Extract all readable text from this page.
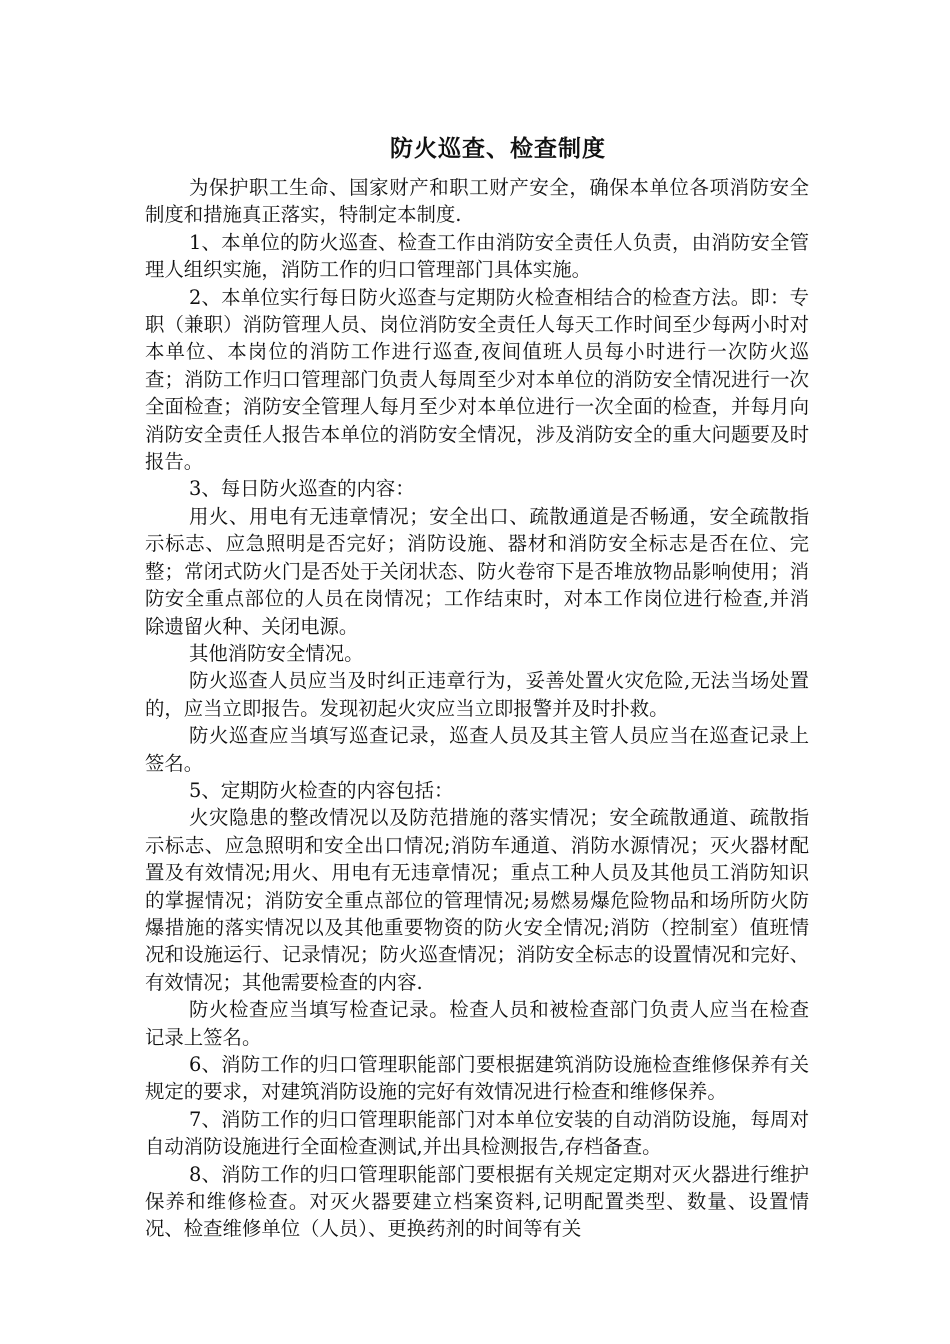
防火巡查、检查制度

为保护职工生命、国家财产和职工财产安全，确保本单位各项消防安全制度和措施真正落实，特制定本制度.

1、本单位的防火巡查、检查工作由消防安全责任人负责，由消防安全管理人组织实施，消防工作的归口管理部门具体实施。

2、本单位实行每日防火巡查与定期防火检查相结合的检查方法。即：专职（兼职）消防管理人员、岗位消防安全责任人每天工作时间至少每两小时对本单位、本岗位的消防工作进行巡查,夜间值班人员每小时进行一次防火巡查；消防工作归口管理部门负责人每周至少对本单位的消防安全情况进行一次全面检查；消防安全管理人每月至少对本单位进行一次全面的检查，并每月向消防安全责任人报告本单位的消防安全情况，涉及消防安全的重大问题要及时报告。

3、每日防火巡查的内容：

用火、用电有无违章情况；安全出口、疏散通道是否畅通，安全疏散指示标志、应急照明是否完好；消防设施、器材和消防安全标志是否在位、完整；常闭式防火门是否处于关闭状态、防火卷帘下是否堆放物品影响使用；消防安全重点部位的人员在岗情况；工作结束时，对本工作岗位进行检查,并消除遗留火种、关闭电源。

其他消防安全情况。

防火巡查人员应当及时纠正违章行为，妥善处置火灾危险,无法当场处置的，应当立即报告。发现初起火灾应当立即报警并及时扑救。

防火巡查应当填写巡查记录，巡查人员及其主管人员应当在巡查记录上签名。

5、定期防火检查的内容包括：

火灾隐患的整改情况以及防范措施的落实情况；安全疏散通道、疏散指示标志、应急照明和安全出口情况;消防车通道、消防水源情况；灭火器材配置及有效情况;用火、用电有无违章情况；重点工种人员及其他员工消防知识的掌握情况；消防安全重点部位的管理情况;易燃易爆危险物品和场所防火防爆措施的落实情况以及其他重要物资的防火安全情况;消防（控制室）值班情况和设施运行、记录情况；防火巡查情况；消防安全标志的设置情况和完好、有效情况；其他需要检查的内容.

防火检查应当填写检查记录。检查人员和被检查部门负责人应当在检查记录上签名。

6、消防工作的归口管理职能部门要根据建筑消防设施检查维修保养有关规定的要求，对建筑消防设施的完好有效情况进行检查和维修保养。

7、消防工作的归口管理职能部门对本单位安装的自动消防设施，每周对自动消防设施进行全面检查测试,并出具检测报告,存档备查。

8、消防工作的归口管理职能部门要根据有关规定定期对灭火器进行维护保养和维修检查。对灭火器要建立档案资料,记明配置类型、数量、设置情况、检查维修单位（人员）、更换药剂的时间等有关
